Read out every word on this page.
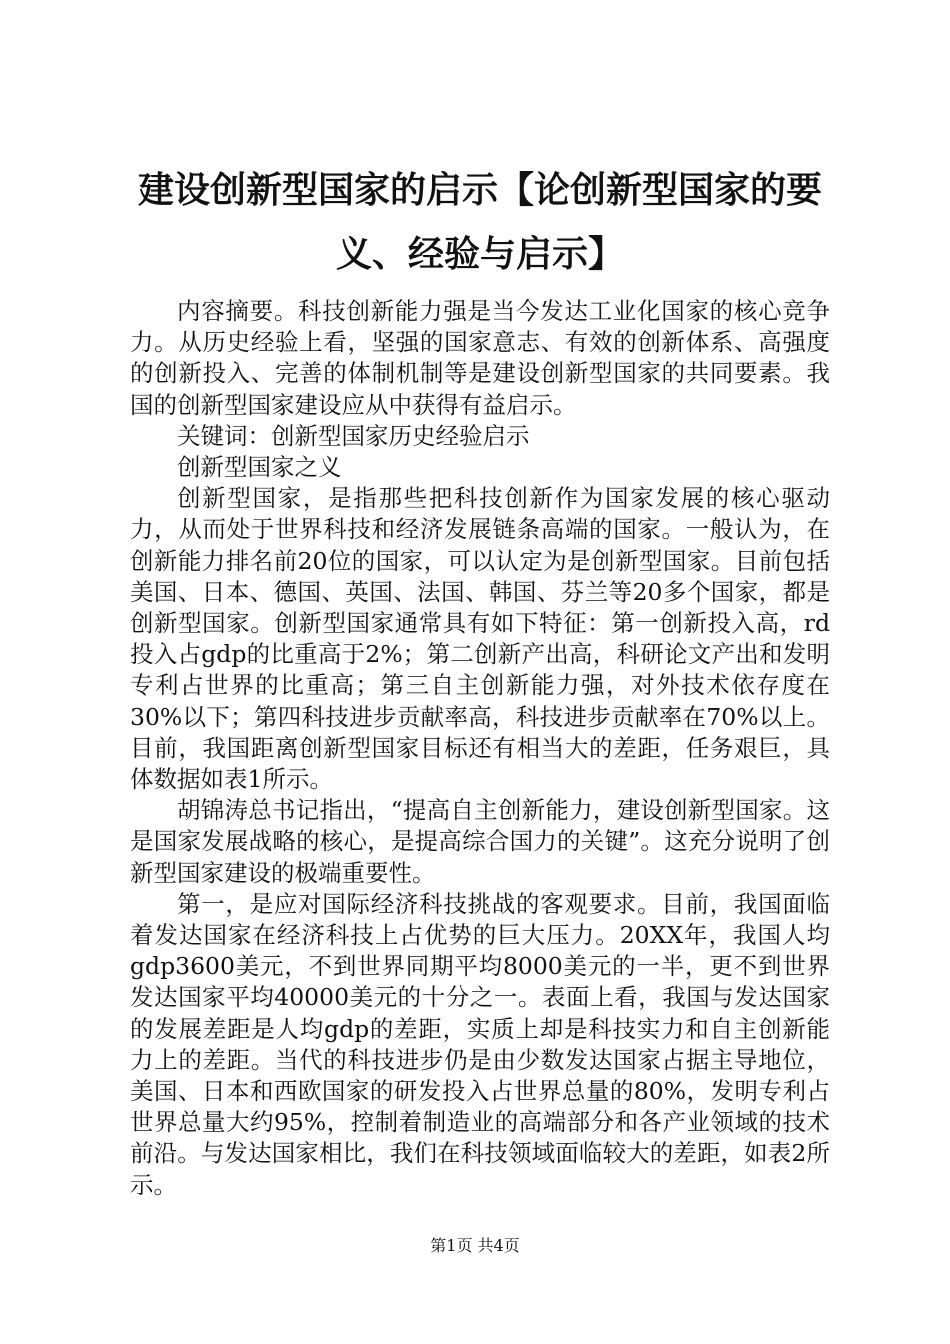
建设创新型国家的启示【论创新型国家的要义、经验与启示】

内容摘要。科技创新能力强是当今发达工业化国家的核心竞争力。从历史经验上看，坚强的国家意志、有效的创新体系、高强度的创新投入、完善的体制机制等是建设创新型国家的共同要素。我国的创新型国家建设应从中获得有益启示。

关键词：创新型国家历史经验启示

创新型国家之义

创新型国家，是指那些把科技创新作为国家发展的核心驱动力，从而处于世界科技和经济发展链条高端的国家。一般认为，在创新能力排名前20位的国家，可以认定为是创新型国家。目前包括美国、日本、德国、英国、法国、韩国、芬兰等20多个国家，都是创新型国家。创新型国家通常具有如下特征：第一创新投入高，rd投入占gdp的比重高于2%；第二创新产出高，科研论文产出和发明专利占世界的比重高；第三自主创新能力强，对外技术依存度在30%以下；第四科技进步贡献率高，科技进步贡献率在70%以上。目前，我国距离创新型国家目标还有相当大的差距，任务艰巨，具体数据如表1所示。

胡锦涛总书记指出，“提高自主创新能力，建设创新型国家。这是国家发展战略的核心，是提高综合国力的关键”。这充分说明了创新型国家建设的极端重要性。

第一，是应对国际经济科技挑战的客观要求。目前，我国面临着发达国家在经济科技上占优势的巨大压力。20XX年，我国人均gdp3600美元，不到世界同期平均8000美元的一半，更不到世界发达国家平均40000美元的十分之一。表面上看，我国与发达国家的发展差距是人均gdp的差距，实质上却是科技实力和自主创新能力上的差距。当代的科技进步仍是由少数发达国家占据主导地位，美国、日本和西欧国家的研发投入占世界总量的80%，发明专利占世界总量大约95%，控制着制造业的高端部分和各产业领域的技术前沿。与发达国家相比，我们在科技领域面临较大的差距，如表2所示。

第1页 共4页
